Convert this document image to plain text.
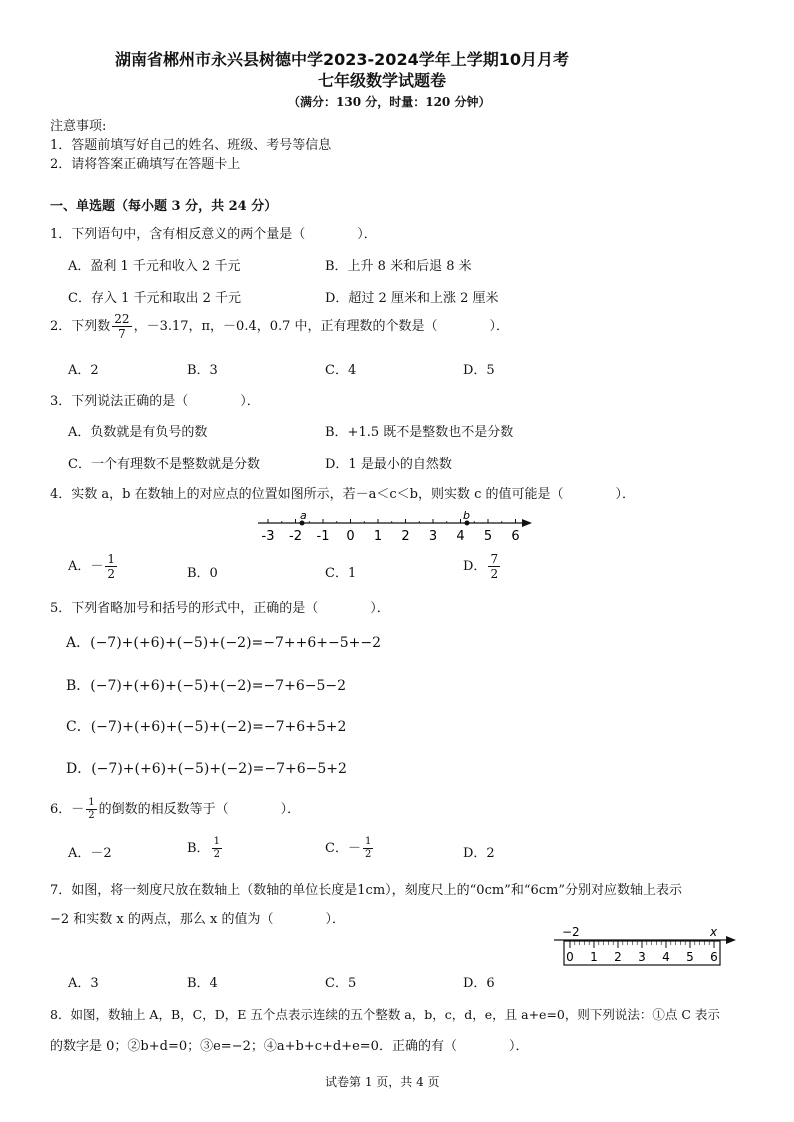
湖南省郴州市永兴县树德中学2023-2024学年上学期10月月考
七年级数学试题卷
（满分：130 分，时量：120 分钟）
注意事项:
1．答题前填写好自己的姓名、班级、考号等信息
2．请将答案正确填写在答题卡上
一、单选题（每小题 3 分，共 24 分）
1．下列语句中，含有相反意义的两个量是（　　　　）．
A．盈利 1 千元和收入 2 千元	B．上升 8 米和后退 8 米
C．存入 1 千元和取出 2 千元	D．超过 2 厘米和上涨 2 厘米
2．下列数 $\frac{22}{7}$ ，－3.17，π，－0.4，0.7 中，正有理数的个数是（　　　　）．
A．2	B．3	C．4	D．5
3．下列说法正确的是（　　　　）．
A．负数就是有负号的数	B．+1.5 既不是整数也不是分数
C．一个有理数不是整数就是分数	D．1 是最小的自然数
4．实数 a，b 在数轴上的对应点的位置如图所示，若－a＜c＜b，则实数 c 的值可能是（　　　　）．
-3 -2 -1 0 1 2 3 4 5 6
a	b
A．－ $\frac{1}{2}$	B．0	C．1	D． $\frac{7}{2}$
5．下列省略加号和括号的形式中，正确的是（　　　　）．
A．(−7)+(+6)+(−5)+(−2)=−7++6+−5+−2
B．(−7)+(+6)+(−5)+(−2)=−7+6−5−2
C．(−7)+(+6)+(−5)+(−2)=−7+6+5+2
D．(−7)+(+6)+(−5)+(−2)=−7+6−5+2
6．－ $\frac{1}{2}$ 的倒数的相反数等于（　　　　）．
A．－2	B． $\frac{1}{2}$	C．－ $\frac{1}{2}$	D．2
7．如图，将一刻度尺放在数轴上（数轴的单位长度是1cm），刻度尺上的“0cm”和“6cm”分别对应数轴上表示
−2 和实数 x 的两点，那么 x 的值为（　　　　）．
−2	x
0 1 2 3 4 5 6
A．3	B．4	C．5	D．6
8．如图，数轴上 A，B，C，D，E 五个点表示连续的五个整数 a，b，c，d，e，且 a+e=0，则下列说法：①点 C 表示
的数字是 0；②b+d=0；③e=−2；④a+b+c+d+e=0．正确的有（　　　　）．
试卷第 1 页，共 4 页
